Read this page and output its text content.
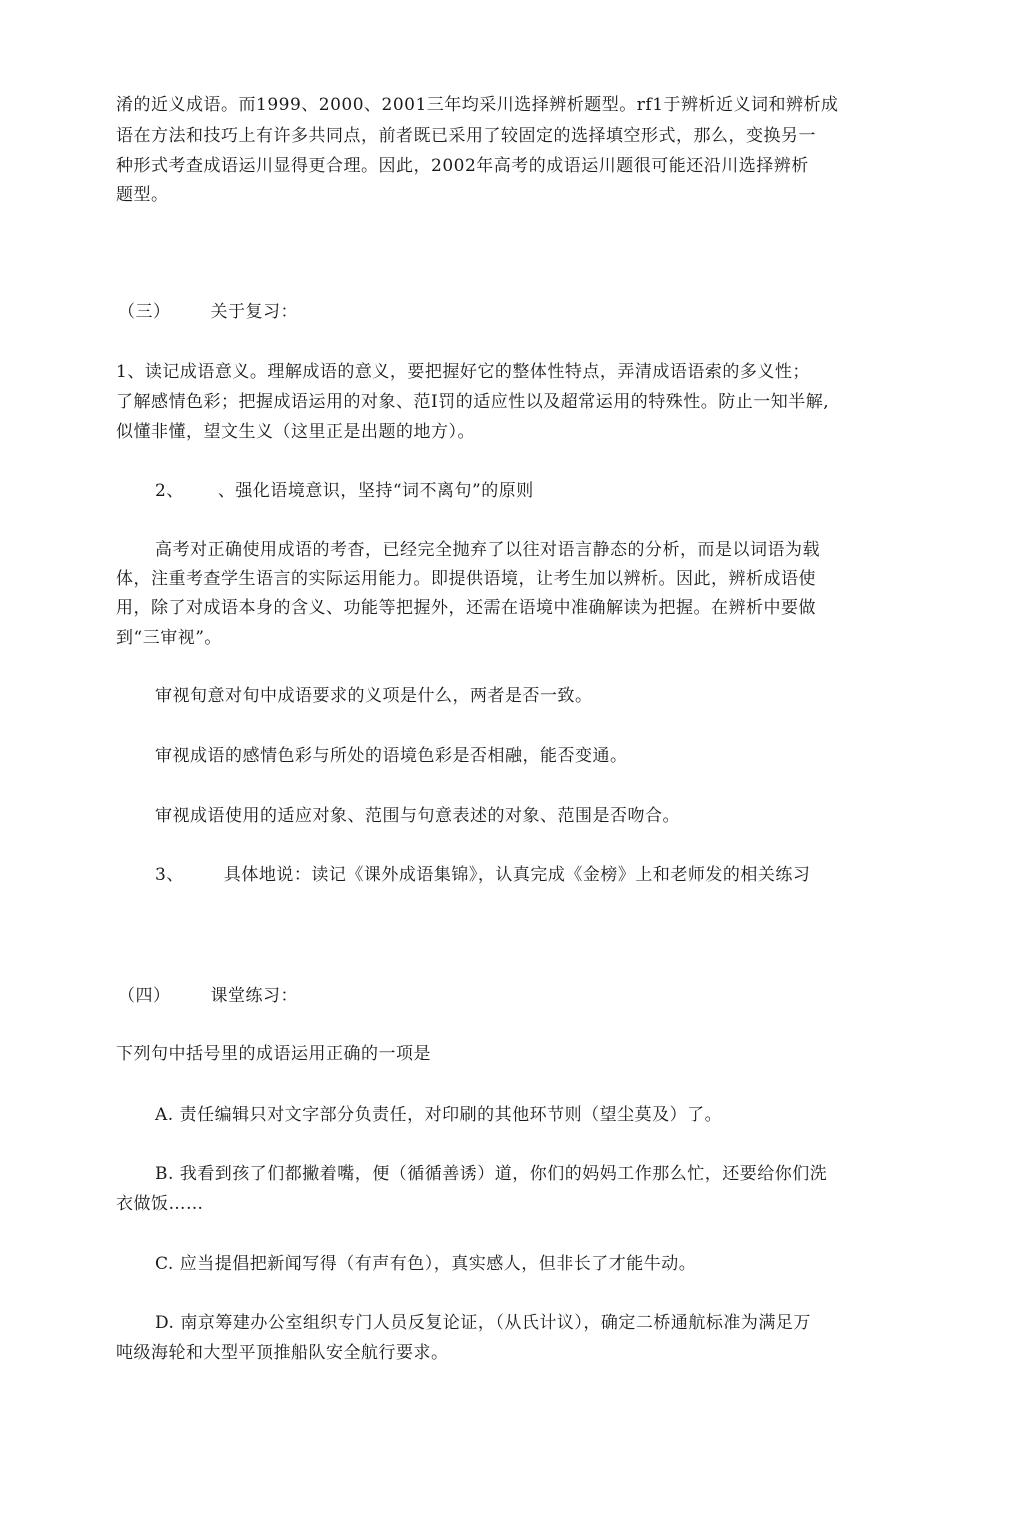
淆的近义成语。而1999、2000、2001三年均采川选择辨析题型。rf1于辨析近义词和辨析成
语在方法和技巧上有许多共同点，前者既已采用了较固定的选择填空形式，那么，变换另一
种形式考查成语运川显得更合理。因此，2002年高考的成语运川题很可能还沿川选择辨析
题型。
（三） 关于复习：
1、读记成语意义。理解成语的意义，要把握好它的整体性特点，弄清成语语索的多义性；
了解感情色彩；把握成语运用的对象、范I罚的适应性以及超常运用的特殊性。防止一知半解,
似懂非懂，望文生义（这里正是出题的地方）。
2、 、强化语境意识，坚持“词不离句”的原则
高考对正确使用成语的考杳，已经完全抛弃了以往对语言静态的分析，而是以词语为载
体，注重考查学生语言的实际运用能力。即提供语境，让考生加以辨析。因此，辨析成语使
用，除了对成语本身的含义、功能等把握外，还需在语境中准确解读为把握。在辨析中要做
到“三审视”。
审视旬意对旬中成语要求的义项是什么，两者是否一致。
审视成语的感情色彩与所处的语境色彩是否相融，能否变通。
审视成语使用的适应对象、范围与句意表述的对象、范围是否吻合。
3、 具体地说：读记《课外成语集锦》，认真完成《金榜》上和老师发的相关练习
（四） 课堂练习：
下列句中括号里的成语运用正确的一项是
A. 责任编辑只对文字部分负责任，对印刷的其他环节则（望尘莫及）了。
B. 我看到孩了们都撇着嘴，便（循循善诱）道，你们的妈妈工作那么忙，还要给你们洗
衣做饭……
C. 应当提倡把新闻写得（有声有色），真实感人，但非长了才能牛动。
D. 南京筹建办公室组织专门人员反复论证，（从氏计议），确定二桥通航标准为满足万
吨级海轮和大型平顶推船队安全航行要求。
